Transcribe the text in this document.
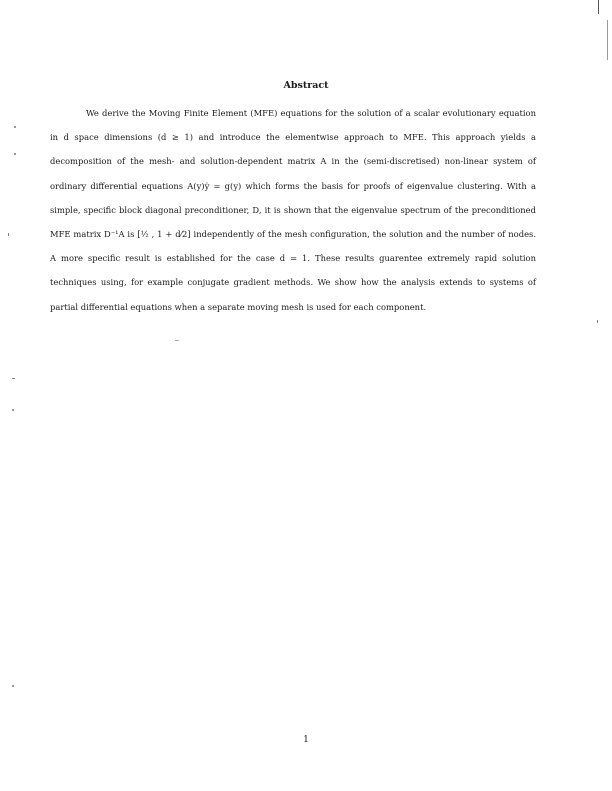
Abstract

We derive the Moving Finite Element (MFE) equations for the solution of a scalar evolutionary equation in d space dimensions (d ≥ 1) and introduce the elementwise approach to MFE. This approach yields a decomposition of the mesh- and solution-dependent matrix A in the (semi-discretised) non-linear system of ordinary differential equations A(y)ẏ = g(y) which forms the basis for proofs of eigenvalue clustering. With a simple, specific block diagonal preconditioner, D, it is shown that the eigenvalue spectrum of the preconditioned MFE matrix D⁻¹A is [½ , 1 + d⁄2] independently of the mesh configuration, the solution and the number of nodes. A more specific result is established for the case d = 1. These results guarentee extremely rapid solution techniques using, for example conjugate gradient methods. We show how the analysis extends to systems of partial differential equations when a separate moving mesh is used for each component.

1
